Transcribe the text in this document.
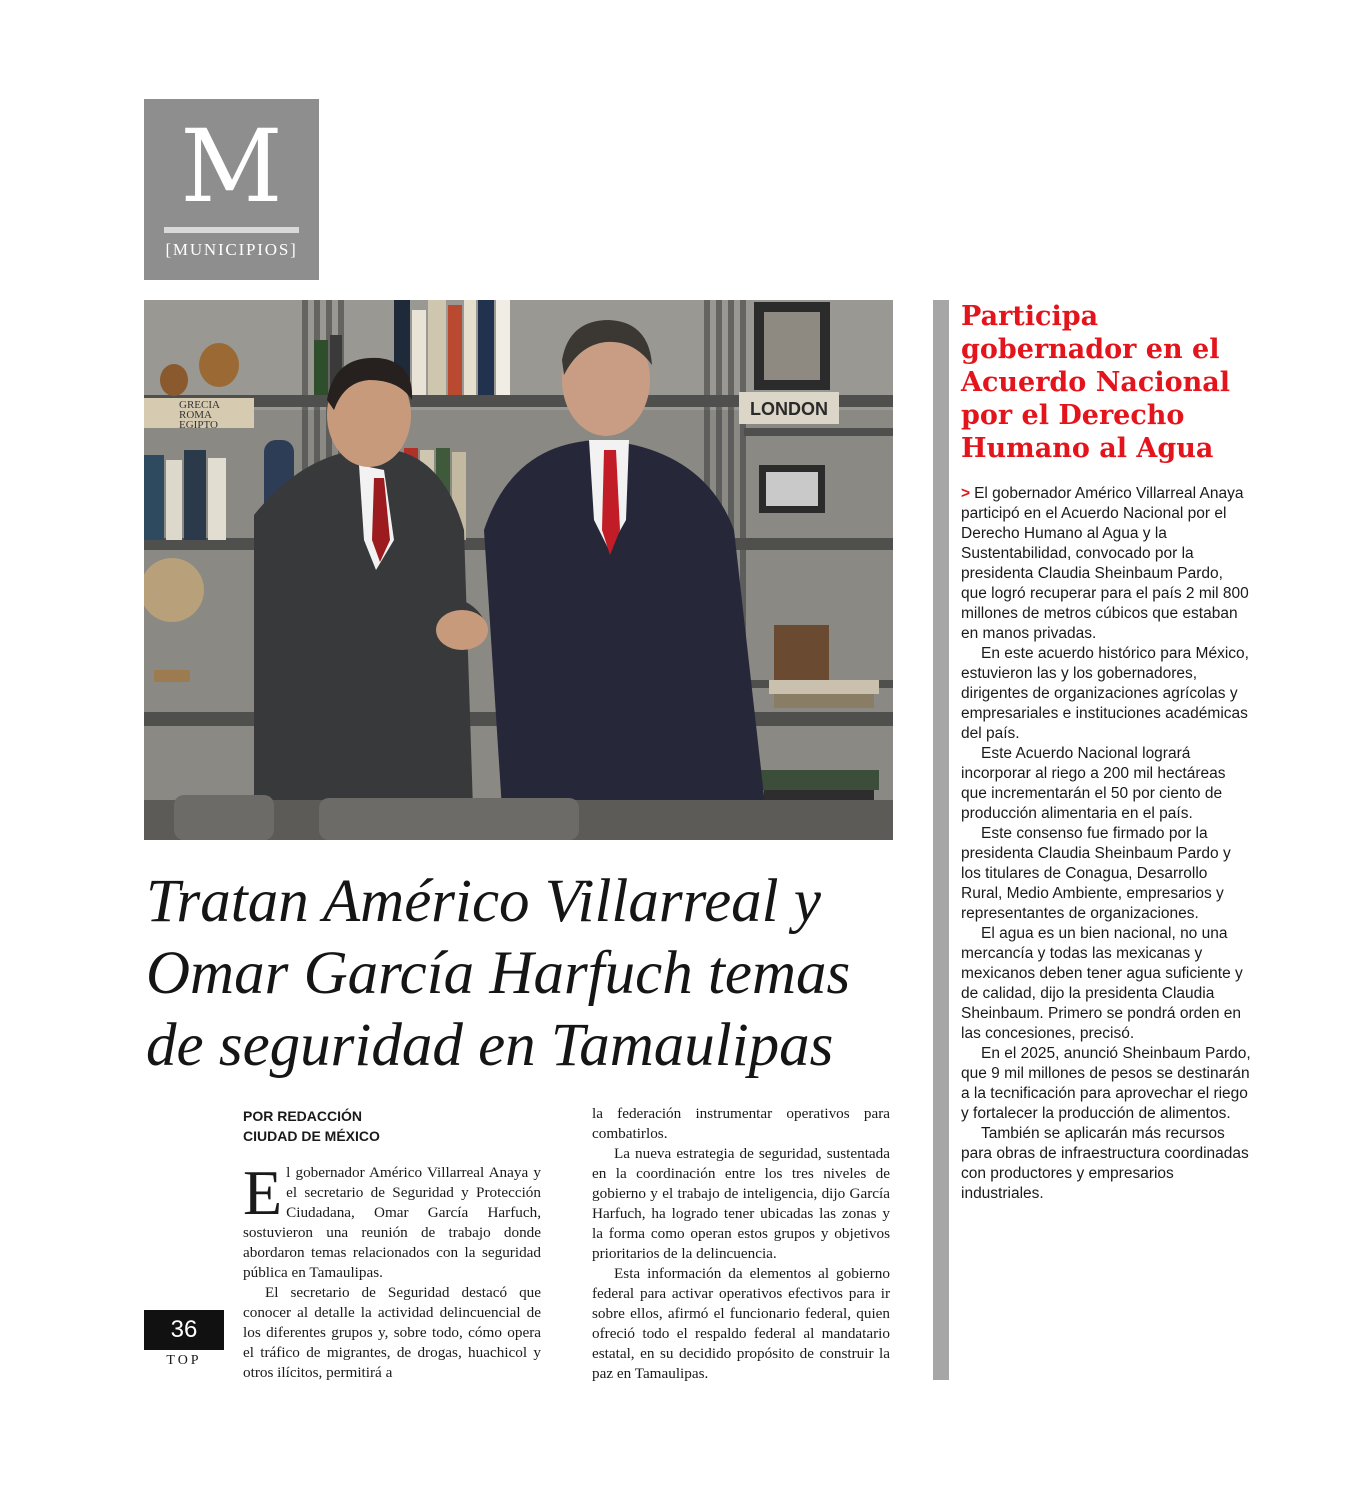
M
[MUNICIPIOS]
GRECIA
ROMA
EGIPTO
LONDON
Tratan Américo Villarreal y Omar García Harfuch temas de seguridad en Tamaulipas
POR REDACCIÓN
CIUDAD DE MÉXICO

El gobernador Américo Villarreal Anaya y el secretario de Seguridad y Protección Ciudadana, Omar García Harfuch, sostuvieron una reunión de trabajo donde abordaron temas relacionados con la seguridad pública en Tamaulipas.

El secretario de Seguridad destacó que conocer al detalle la actividad delincuencial de los diferentes grupos y, sobre todo, cómo opera el tráfico de migrantes, de drogas, huachicol y otros ilícitos, permitirá a

la federación instrumentar operativos para combatirlos.

La nueva estrategia de seguridad, sustentada en la coordinación entre los tres niveles de gobierno y el trabajo de inteligencia, dijo García Harfuch, ha logrado tener ubicadas las zonas y la forma como operan estos grupos y objetivos prioritarios de la delincuencia.

Esta información da elementos al gobierno federal para activar operativos efectivos para ir sobre ellos, afirmó el funcionario federal, quien ofreció todo el respaldo federal al mandatario estatal, en su decidido propósito de construir la paz en Tamaulipas.

36
TOP
Participa gobernador en el Acuerdo Nacional por el Derecho Humano al Agua

> El gobernador Américo Villarreal Anaya participó en el Acuerdo Nacional por el Derecho Humano al Agua y la Sustentabilidad, convocado por la presidenta Claudia Sheinbaum Pardo, que logró recuperar para el país 2 mil 800 millones de metros cúbicos que estaban en manos privadas.

En este acuerdo histórico para México, estuvieron las y los gobernadores, dirigentes de organizaciones agrícolas y empresariales e instituciones académicas del país.

Este Acuerdo Nacional logrará incorporar al riego a 200 mil hectáreas que incrementarán el 50 por ciento de producción alimentaria en el país.

Este consenso fue firmado por la presidenta Claudia Sheinbaum Pardo y los titulares de Conagua, Desarrollo Rural, Medio Ambiente, empresarios y representantes de organizaciones.

El agua es un bien nacional, no una mercancía y todas las mexicanas y mexicanos deben tener agua suficiente y de calidad, dijo la presidenta Claudia Sheinbaum. Primero se pondrá orden en las concesiones, precisó.

En el 2025, anunció Sheinbaum Pardo, que 9 mil millones de pesos se destinarán a la tecnificación para aprovechar el riego y fortalecer la producción de alimentos.

También se aplicarán más recursos para obras de infraestructura coordinadas con productores y empresarios industriales.
